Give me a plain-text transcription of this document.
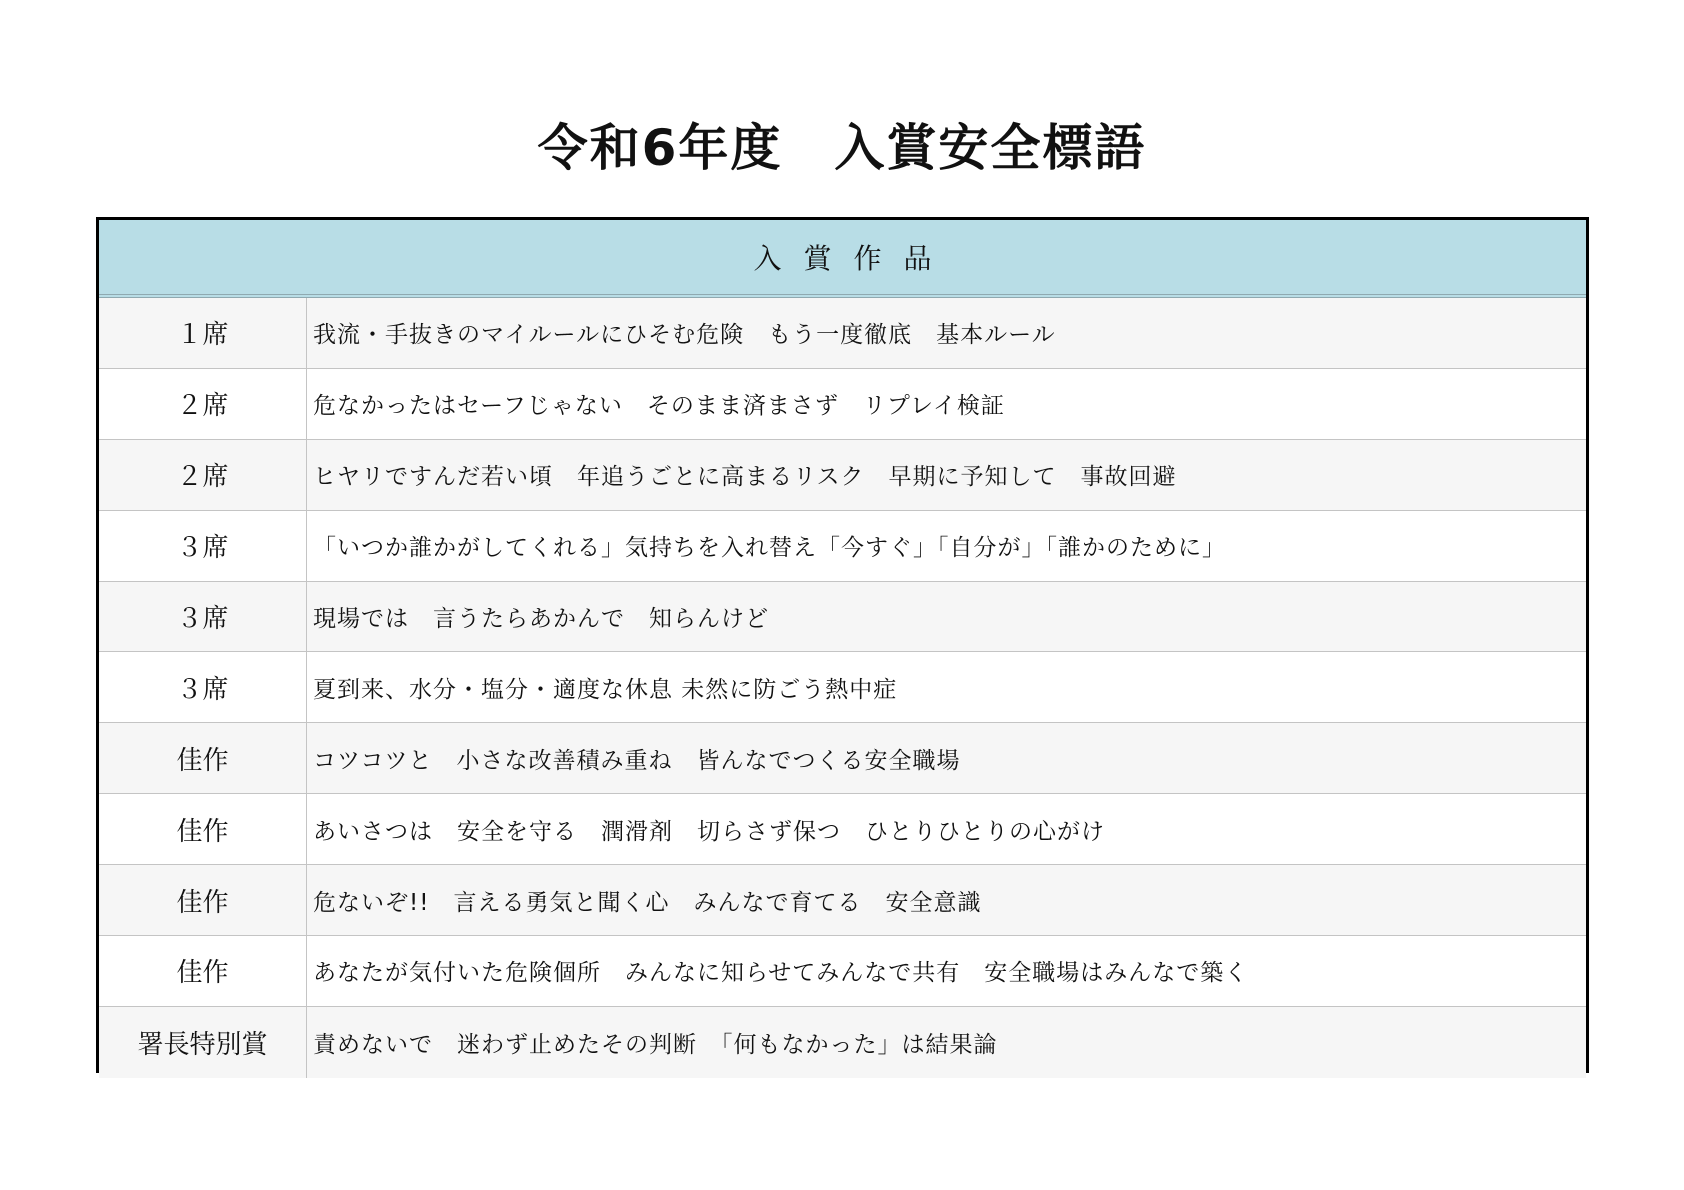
令和6年度　入賞安全標語
入賞作品
１席	我流・手抜きのマイルールにひそむ危険　もう一度徹底　基本ルール
２席	危なかったはセーフじゃない　そのまま済まさず　リプレイ検証
２席	ヒヤリですんだ若い頃　年追うごとに高まるリスク　早期に予知して　事故回避
３席	「いつか誰かがしてくれる」気持ちを入れ替え「今すぐ」「自分が」「誰かのために」
３席	現場では　言うたらあかんで　知らんけど
３席	夏到来、水分・塩分・適度な休息 未然に防ごう熱中症
佳作	コツコツと　小さな改善積み重ね　皆んなでつくる安全職場
佳作	あいさつは　安全を守る　潤滑剤　切らさず保つ　ひとりひとりの心がけ
佳作	危ないぞ!!　言える勇気と聞く心　みんなで育てる　安全意識
佳作	あなたが気付いた危険個所　みんなに知らせてみんなで共有　安全職場はみんなで築く
署長特別賞	責めないで　迷わず止めたその判断　「何もなかった」は結果論
